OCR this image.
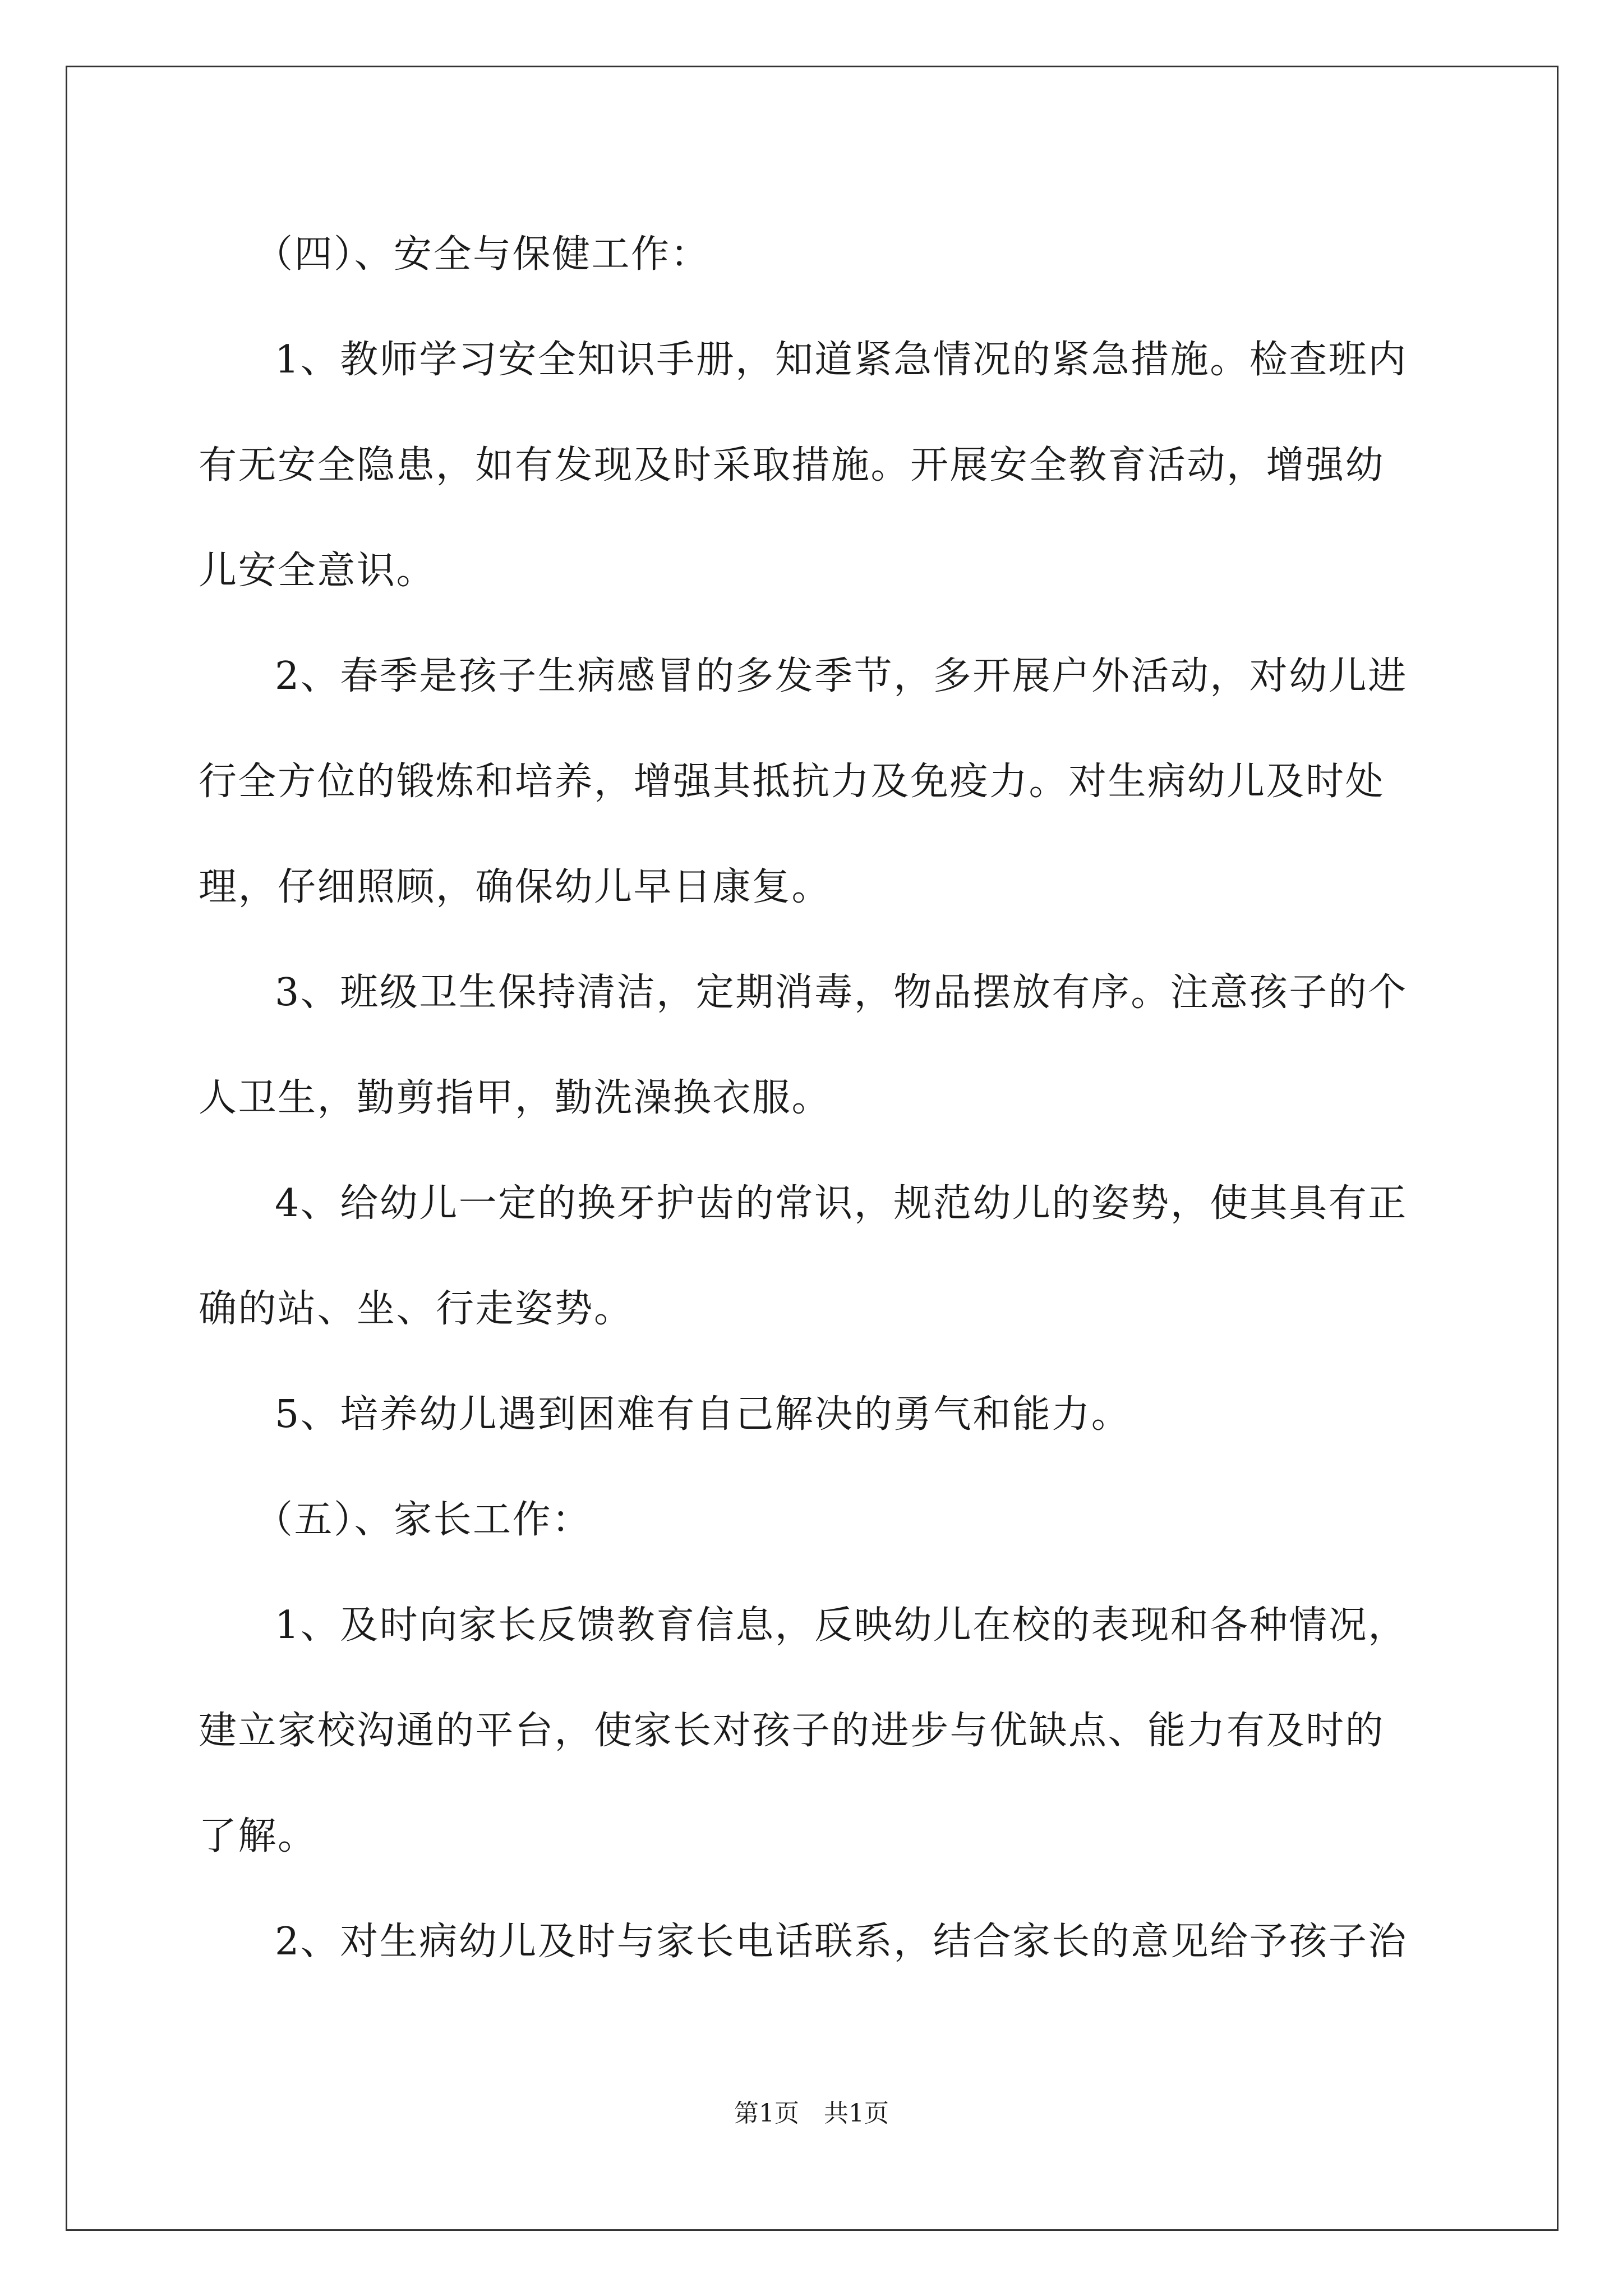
（四）、安全与保健工作：

1、教师学习安全知识手册，知道紧急情况的紧急措施。检查班内

有无安全隐患，如有发现及时采取措施。开展安全教育活动，增强幼

儿安全意识。

2、春季是孩子生病感冒的多发季节，多开展户外活动，对幼儿进

行全方位的锻炼和培养，增强其抵抗力及免疫力。对生病幼儿及时处

理，仔细照顾，确保幼儿早日康复。

3、班级卫生保持清洁，定期消毒，物品摆放有序。注意孩子的个

人卫生，勤剪指甲，勤洗澡换衣服。

4、给幼儿一定的换牙护齿的常识，规范幼儿的姿势，使其具有正

确的站、坐、行走姿势。

5、培养幼儿遇到困难有自己解决的勇气和能力。

（五）、家长工作：

1、及时向家长反馈教育信息，反映幼儿在校的表现和各种情况，

建立家校沟通的平台，使家长对孩子的进步与优缺点、能力有及时的

了解。

2、对生病幼儿及时与家长电话联系，结合家长的意见给予孩子治

第1页　共1页
